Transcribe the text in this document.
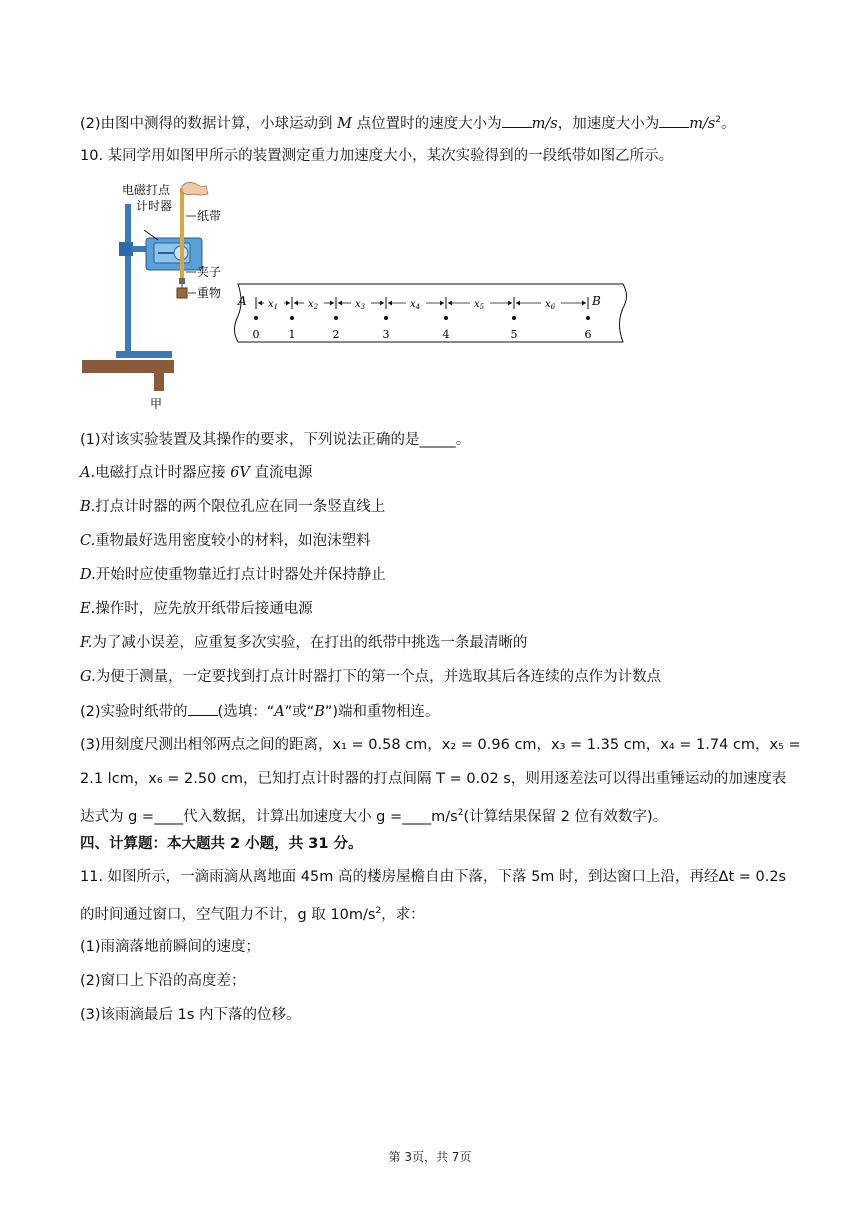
(2)由图中测得的数据计算，小球运动到 M 点位置时的速度大小为 m/s，加速度大小为 $m/s^2$。
10. 某同学用如图甲所示的装置测定重力加速度大小，某次实验得到的一段纸带如图乙所示。
电磁打点
计时器
纸带
夹子
重物
甲
0	1	2	3	4	5	6
$x_1$	$x_2$	$x_3$	$x_4$	$x_5$	$x_6$
A	B
(1)对该实验装置及其操作的要求，下列说法正确的是_____。
A.电磁打点计时器应接 6V 直流电源
B.打点计时器的两个限位孔应在同一条竖直线上
C.重物最好选用密度较小的材料，如泡沫塑料
D.开始时应使重物靠近打点计时器处并保持静止
E.操作时，应先放开纸带后接通电源
F.为了减小误差，应重复多次实验，在打出的纸带中挑选一条最清晰的
G.为便于测量，一定要找到打点计时器打下的第一个点，并选取其后各连续的点作为计数点
(2)实验时纸带的 (选填：“A”或“B”)端和重物相连。
(3)用刻度尺测出相邻两点之间的距离，x₁ = 0.58 cm，x₂ = 0.96 cm，x₃ = 1.35 cm，x₄ = 1.74 cm，x₅ =
2.1 lcm，x₆ = 2.50 cm，已知打点计时器的打点间隔 T = 0.02 s，则用逐差法可以得出重锤运动的加速度表
达式为 g =____代入数据，计算出加速度大小 $g =\_\_\_\_m/s^2$(计算结果保留 2 位有效数字)。
四、计算题：本大题共 2 小题，共 31 分。
11. 如图所示，一滴雨滴从离地面 45m 高的楼房屋檐自由下落，下落 5m 时，到达窗口上沿，再经Δt = 0.2s
的时间通过窗口，空气阻力不计，g 取 $10m/s^2$，求：
(1)雨滴落地前瞬间的速度；
(2)窗口上下沿的高度差；
(3)该雨滴最后 1s 内下落的位移。
第 3页，共 7页
